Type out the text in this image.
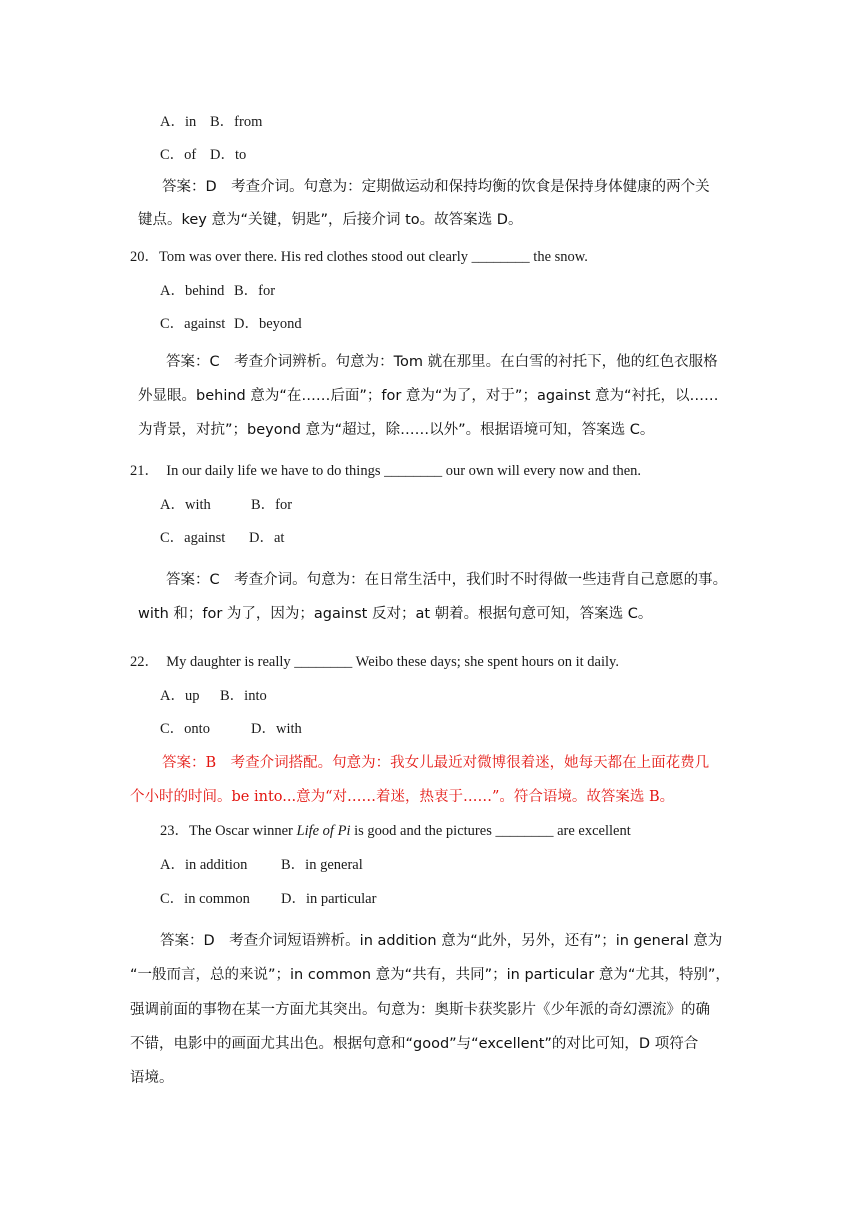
A．in B．from
C．of D．to
答案：D　考查介词。句意为：定期做运动和保持均衡的饮食是保持身体健康的两个关
键点。key 意为“关键，钥匙”，后接介词 to。故答案选 D。
20．Tom was over there. His red clothes stood out clearly ________ the snow.
A．behind B．for
C．against D．beyond
答案：C　考查介词辨析。句意为：Tom 就在那里。在白雪的衬托下，他的红色衣服格
外显眼。behind 意为“在……后面”；for 意为“为了，对于”；against 意为“衬托，以……
为背景，对抗”；beyond 意为“超过，除……以外”。根据语境可知，答案选 C。
21．　In our daily life we have to do things ________ our own will every now and then.
A．with	B．for
C．against D．at
答案：C　考查介词。句意为：在日常生活中，我们时不时得做一些违背自己意愿的事。
with 和；for 为了，因为；against 反对；at 朝着。根据句意可知，答案选 C。
22．　My daughter is really ________ Weibo these days; she spent hours on it daily.
A．up B．into
C．onto	D．with
答案：B　考查介词搭配。句意为：我女儿最近对微博很着迷，她每天都在上面花费几
个小时的时间。be into...意为“对……着迷，热衷于……”。符合语境。故答案选 B。
23．The Oscar winner Life of Pi is good and the pictures ________ are excellent
A．in addition B．in general
C．in common D．in particular
答案：D　考查介词短语辨析。in addition 意为“此外，另外，还有”；in general 意为
“一般而言，总的来说”；in common 意为“共有，共同”；in particular 意为“尤其，特别”，
强调前面的事物在某一方面尤其突出。句意为：奥斯卡获奖影片《少年派的奇幻漂流》的确
不错，电影中的画面尤其出色。根据句意和“good”与“excellent”的对比可知，D 项符合
语境。
